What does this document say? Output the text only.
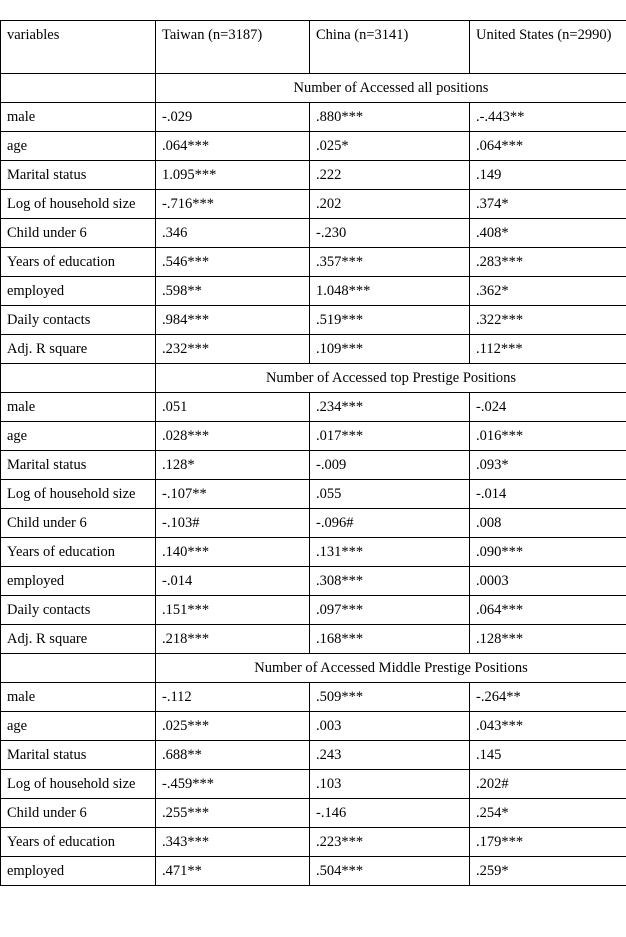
variables	Taiwan (n=3187)	China (n=3141)	United States (n=2990)
	Number of Accessed all positions		
male	-.029	.880***	.-.443**
age	.064***	.025*	.064***
Marital status	1.095***	.222	.149
Log of household size	-.716***	.202	.374*
Child under 6	.346	-.230	.408*
Years of education	.546***	.357***	.283***
employed	.598**	1.048***	.362*
Daily contacts	.984***	.519***	.322***
Adj. R square	.232***	.109***	.112***
	Number of Accessed top Prestige Positions		
male	.051	.234***	-.024
age	.028***	.017***	.016***
Marital status	.128*	-.009	.093*
Log of household size	-.107**	.055	-.014
Child under 6	-.103#	-.096#	.008
Years of education	.140***	.131***	.090***
employed	-.014	.308***	.0003
Daily contacts	.151***	.097***	.064***
Adj. R square	.218***	.168***	.128***
	Number of Accessed Middle Prestige Positions		
male	-.112	.509***	-.264**
age	.025***	.003	.043***
Marital status	.688**	.243	.145
Log of household size	-.459***	.103	.202#
Child under 6	.255***	-.146	.254*
Years of education	.343***	.223***	.179***
employed	.471**	.504***	.259*
